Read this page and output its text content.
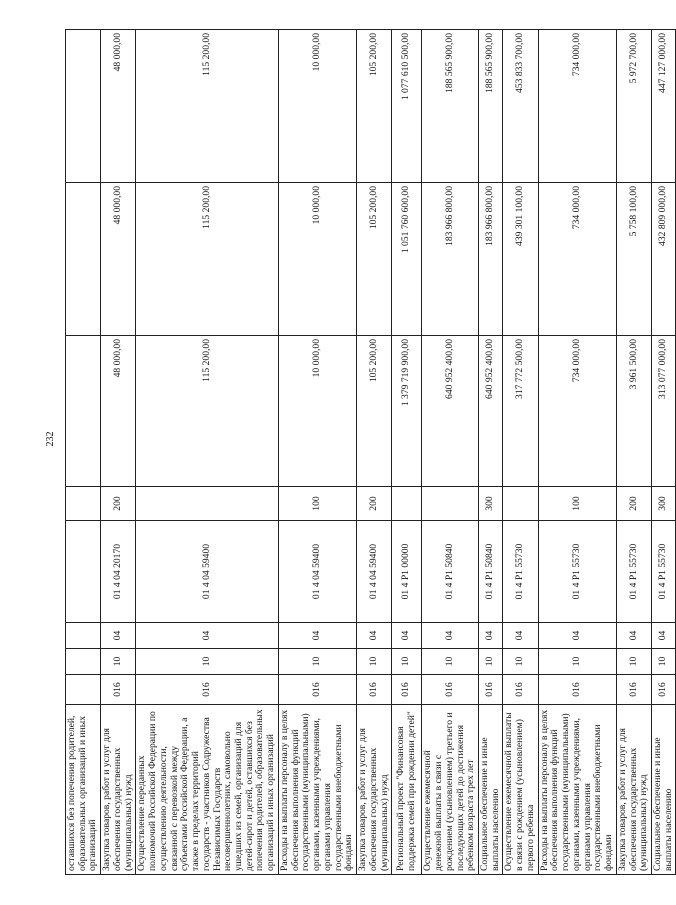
232
оставшихся без попечения родителей, образовательных организаций и иных организаций								
Закупка товаров, работ и услуг для обеспечения государственных (муниципальных) нужд	016	10	04	01 4 04 20170	200	48 000,00	48 000,00	48 000,00
Осуществление переданных полномочий Российской Федерации по осуществлению деятельности, связанной с перевозкой между субъектами Российской Федерации, а также в пределах территорий государств - участников Содружества Независимых Государств несовершеннолетних, самовольно ушедших из семей, организаций для детей-сирот и детей, оставшихся без попечения родителей, образовательных организаций и иных организаций	016	10	04	01 4 04 59400		115 200,00	115 200,00	115 200,00
Расходы на выплаты персоналу в целях обеспечения выполнения функций государственными (муниципальными) органами, казенными учреждениями, органами управления государственными внебюджетными фондами	016	10	04	01 4 04 59400	100	10 000,00	10 000,00	10 000,00
Закупка товаров, работ и услуг для обеспечения государственных (муниципальных) нужд	016	10	04	01 4 04 59400	200	105 200,00	105 200,00	105 200,00
Региональный проект "Финансовая поддержка семей при рождении детей"	016	10	04	01 4 P1 00000		1 379 719 900,00	1 051 760 600,00	1 077 610 500,00
Осуществление ежемесячной денежной выплаты в связи с рождением (усыновлением) третьего и последующих детей до достижения ребенком возраста трех лет	016	10	04	01 4 P1 50840		640 952 400,00	183 966 800,00	188 565 900,00
Социальное обеспечение и иные выплаты населению	016	10	04	01 4 P1 50840	300	640 952 400,00	183 966 800,00	188 565 900,00
Осуществление ежемесячной выплаты в связи с рождением (усыновлением) первого ребенка	016	10	04	01 4 P1 55730		317 772 500,00	439 301 100,00	453 833 700,00
Расходы на выплаты персоналу в целях обеспечения выполнения функций государственными (муниципальными) органами, казенными учреждениями, органами управления государственными внебюджетными фондами	016	10	04	01 4 P1 55730	100	734 000,00	734 000,00	734 000,00
Закупка товаров, работ и услуг для обеспечения государственных (муниципальных) нужд	016	10	04	01 4 P1 55730	200	3 961 500,00	5 758 100,00	5 972 700,00
Социальное обеспечение и иные выплаты населению	016	10	04	01 4 P1 55730	300	313 077 000,00	432 809 000,00	447 127 000,00
